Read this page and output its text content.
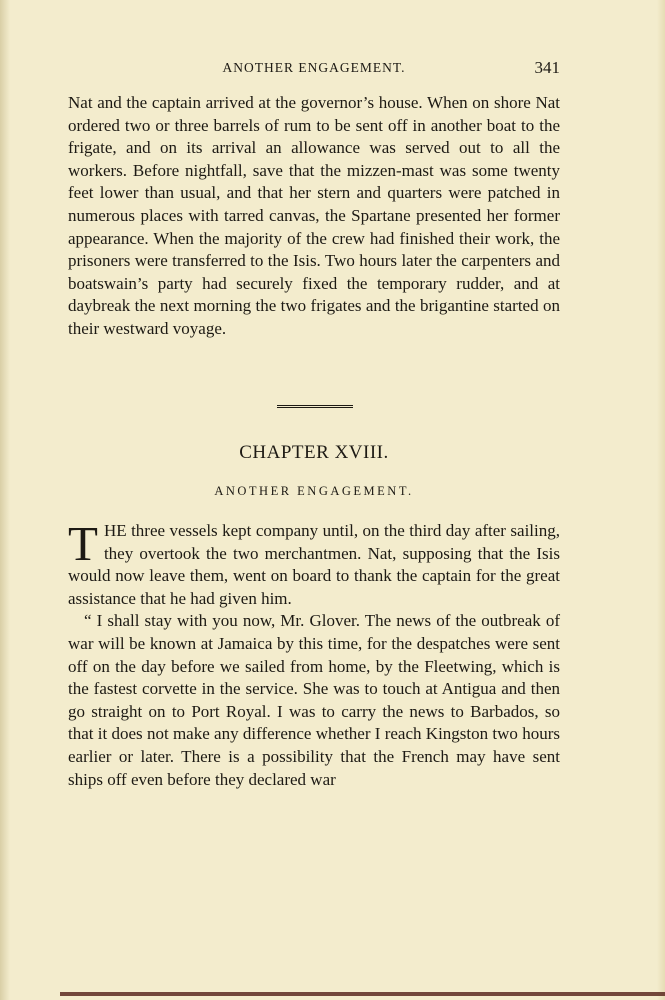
ANOTHER ENGAGEMENT.	341

Nat and the captain arrived at the governor’s house. When on shore Nat ordered two or three barrels of rum to be sent off in another boat to the frigate, and on its arrival an allowance was served out to all the workers. Before nightfall, save that the mizzen-mast was some twenty feet lower than usual, and that her stern and quarters were patched in numerous places with tarred canvas, the Spartane presented her former appearance. When the majority of the crew had finished their work, the prisoners were transferred to the Isis. Two hours later the carpenters and boatswain’s party had securely fixed the temporary rudder, and at daybreak the next morning the two frigates and the brigantine started on their westward voyage.

CHAPTER XVIII.
ANOTHER ENGAGEMENT.

THE three vessels kept company until, on the third day after sailing, they overtook the two merchantmen. Nat, supposing that the Isis would now leave them, went on board to thank the captain for the great assistance that he had given him.

“ I shall stay with you now, Mr. Glover. The news of the outbreak of war will be known at Jamaica by this time, for the despatches were sent off on the day before we sailed from home, by the Fleetwing, which is the fastest corvette in the service. She was to touch at Antigua and then go straight on to Port Royal. I was to carry the news to Barbados, so that it does not make any difference whether I reach Kingston two hours earlier or later. There is a possibility that the French may have sent ships off even before they declared war
